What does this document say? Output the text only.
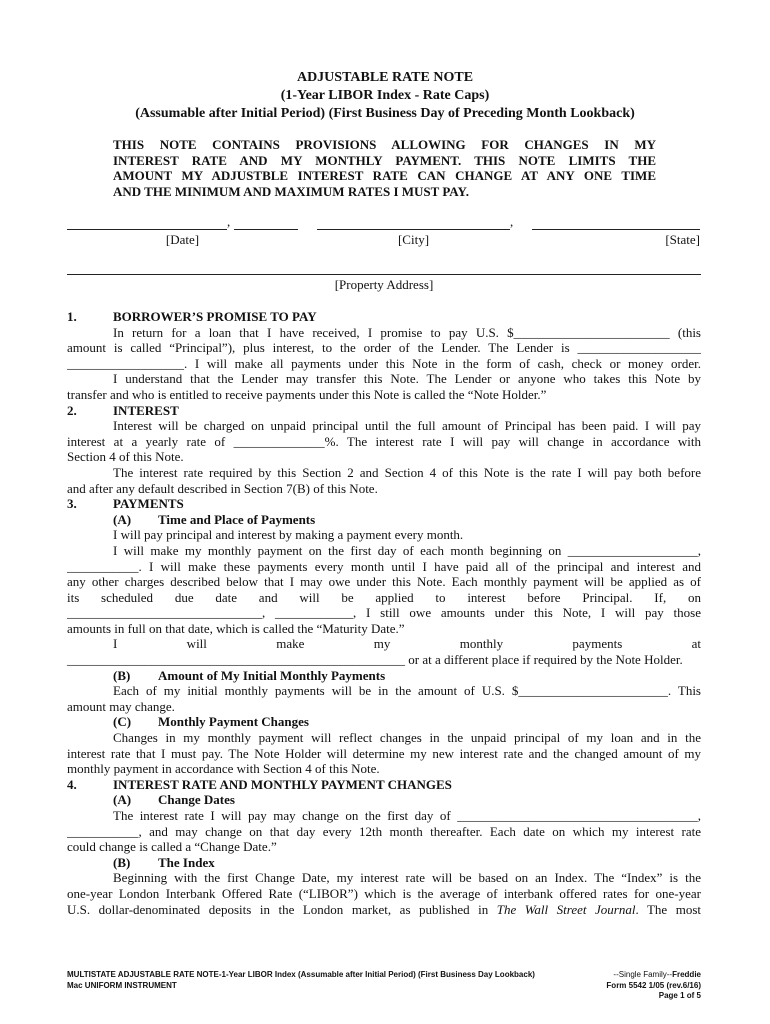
ADJUSTABLE RATE NOTE
(1-Year LIBOR Index - Rate Caps)
(Assumable after Initial Period) (First Business Day of Preceding Month Lookback)
THIS NOTE CONTAINS PROVISIONS ALLOWING FOR CHANGES IN MY
INTEREST RATE AND MY MONTHLY PAYMENT. THIS NOTE LIMITS THE
AMOUNT MY ADJUSTBLE INTEREST RATE CAN CHANGE AT ANY ONE TIME
AND THE MINIMUM AND MAXIMUM RATES I MUST PAY.
,	,
[Date]	[City]	[State]
[Property Address]
1.	BORROWER’S PROMISE TO PAY
In return for a loan that I have received, I promise to pay U.S. $________________________ (this
amount is called “Principal”), plus interest, to the order of the Lender. The Lender is ___________________
__________________. I will make all payments under this Note in the form of cash, check or money order.
I understand that the Lender may transfer this Note. The Lender or anyone who takes this Note by
transfer and who is entitled to receive payments under this Note is called the “Note Holder.”
2.	INTEREST
Interest will be charged on unpaid principal until the full amount of Principal has been paid. I will pay
interest at a yearly rate of ______________%. The interest rate I will pay will change in accordance with
Section 4 of this Note.
The interest rate required by this Section 2 and Section 4 of this Note is the rate I will pay both before
and after any default described in Section 7(B) of this Note.
3.	PAYMENTS
(A) Time and Place of Payments
I will pay principal and interest by making a payment every month.
I will make my monthly payment on the first day of each month beginning on ____________________,
___________. I will make these payments every month until I have paid all of the principal and interest and
any other charges described below that I may owe under this Note. Each monthly payment will be applied as of
its scheduled due date and will be applied to interest before Principal. If, on
______________________________, ____________, I still owe amounts under this Note, I will pay those
amounts in full on that date, which is called the “Maturity Date.”
I will make my monthly payments at
____________________________________________________ or at a different place if required by the Note Holder.
(B) Amount of My Initial Monthly Payments
Each of my initial monthly payments will be in the amount of U.S. $_______________________. This
amount may change.
(C) Monthly Payment Changes
Changes in my monthly payment will reflect changes in the unpaid principal of my loan and in the
interest rate that I must pay. The Note Holder will determine my new interest rate and the changed amount of my
monthly payment in accordance with Section 4 of this Note.
4.	INTEREST RATE AND MONTHLY PAYMENT CHANGES
(A) Change Dates
The interest rate I will pay may change on the first day of _____________________________________,
___________, and may change on that day every 12th month thereafter. Each date on which my interest rate
could change is called a “Change Date.”
(B) The Index
Beginning with the first Change Date, my interest rate will be based on an Index. The “Index” is the
one-year London Interbank Offered Rate (“LIBOR”) which is the average of interbank offered rates for one-year
U.S. dollar-denominated deposits in the London market, as published in The Wall Street Journal. The most
MULTISTATE ADJUSTABLE RATE NOTE-1-Year LIBOR Index (Assumable after Initial Period) (First Business Day Lookback)	--Single Family--Freddie
Mac UNIFORM INSTRUMENT	Form 5542 1/05 (rev.6/16)
Page 1 of 5
